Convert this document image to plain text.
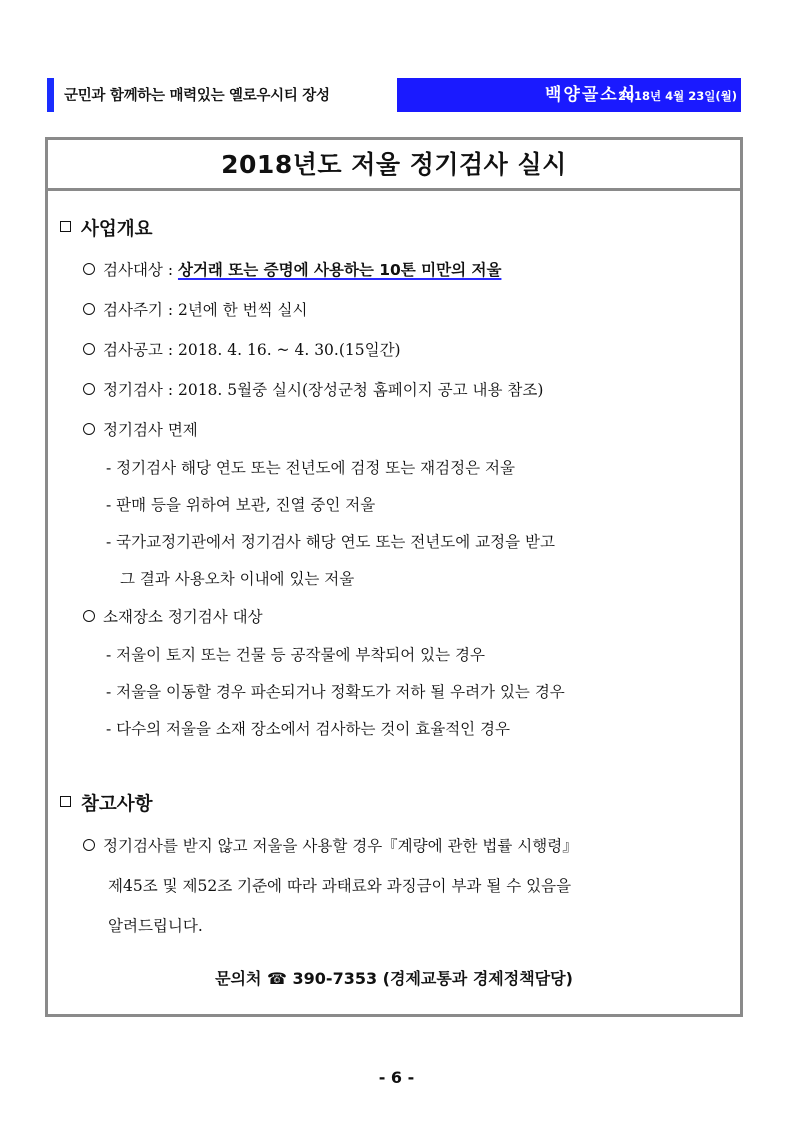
군민과 함께하는 매력있는 옐로우시티 장성	백양골소식
2018년 4월 23일(월)
2018년도 저울 정기검사 실시
사업개요
검사대상 : 상거래 또는 증명에 사용하는 10톤 미만의 저울
검사주기 : 2년에 한 번씩 실시
검사공고 : 2018. 4. 16. ~ 4. 30.(15일간)
정기검사 : 2018. 5월중 실시(장성군청 홈페이지 공고 내용 참조)
정기검사 면제
- 정기검사 해당 연도 또는 전년도에 검정 또는 재검정은 저울
- 판매 등을 위하여 보관, 진열 중인 저울
- 국가교정기관에서 정기검사 해당 연도 또는 전년도에 교정을 받고
그 결과 사용오차 이내에 있는 저울
소재장소 정기검사 대상
- 저울이 토지 또는 건물 등 공작물에 부착되어 있는 경우
- 저울을 이동할 경우 파손되거나 정확도가 저하 될 우려가 있는 경우
- 다수의 저울을 소재 장소에서 검사하는 것이 효율적인 경우
참고사항
정기검사를 받지 않고 저울을 사용할 경우『계량에 관한 법률 시행령』
제45조 및 제52조 기준에 따라 과태료와 과징금이 부과 될 수 있음을
알려드립니다.
문의처 ☎ 390-7353 (경제교통과 경제정책담당)
- 6 -
